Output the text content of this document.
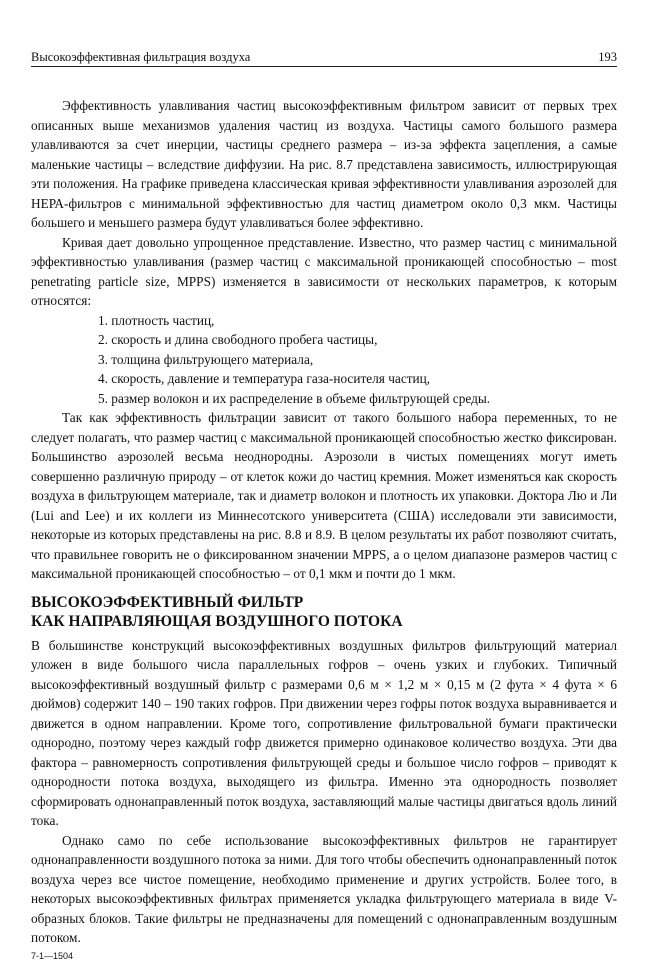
Высокоэффективная фильтрация воздуха	193

Эффективность улавливания частиц высокоэффективным фильтром зависит от первых трех описанных выше механизмов удаления частиц из воздуха. Частицы самого большого размера улавливаются за счет инерции, частицы среднего размера – из-за эффекта зацепления, а самые маленькие частицы – вследствие диффузии. На рис. 8.7 представлена зависимость, иллюстрирующая эти положения. На графике приведена классическая кривая эффективности улавливания аэрозолей для НЕРА-фильтров с минимальной эффективностью для частиц диаметром около 0,3 мкм. Частицы большего и меньшего размера будут улавливаться более эффективно.

Кривая дает довольно упрощенное представление. Известно, что размер частиц с минимальной эффективностью улавливания (размер частиц с максимальной проникающей способностью – most penetrating particle size, MPPS) изменяется в зависимости от нескольких параметров, к которым относятся:

1. плотность частиц,
2. скорость и длина свободного пробега частицы,
3. толщина фильтрующего материала,
4. скорость, давление и температура газа-носителя частиц,
5. размер волокон и их распределение в объеме фильтрующей среды.

Так как эффективность фильтрации зависит от такого большого набора переменных, то не следует полагать, что размер частиц с максимальной проникающей способностью жестко фиксирован. Большинство аэрозолей весьма неоднородны. Аэрозоли в чистых помещениях могут иметь совершенно различную природу – от клеток кожи до частиц кремния. Может изменяться как скорость воздуха в фильтрующем материале, так и диаметр волокон и плотность их упаковки. Доктора Лю и Ли (Lui and Lee) и их коллеги из Миннесотского университета (США) исследовали эти зависимости, некоторые из которых представлены на рис. 8.8 и 8.9. В целом результаты их работ позволяют считать, что правильнее говорить не о фиксированном значении MPPS, а о целом диапазоне размеров частиц с максимальной проникающей способностью – от 0,1 мкм и почти до 1 мкм.

ВЫСОКОЭФФЕКТИВНЫЙ ФИЛЬТР
КАК НАПРАВЛЯЮЩАЯ ВОЗДУШНОГО ПОТОКА

В большинстве конструкций высокоэффективных воздушных фильтров фильтрующий материал уложен в виде большого числа параллельных гофров – очень узких и глубоких. Типичный высокоэффективный воздушный фильтр с размерами 0,6 м × 1,2 м × 0,15 м (2 фута × 4 фута × 6 дюймов) содержит 140 – 190 таких гофров. При движении через гофры поток воздуха выравнивается и движется в одном направлении. Кроме того, сопротивление фильтровальной бумаги практически однородно, поэтому через каждый гофр движется примерно одинаковое количество воздуха. Эти два фактора – равномерность сопротивления фильтрующей среды и большое число гофров – приводят к однородности потока воздуха, выходящего из фильтра. Именно эта однородность позволяет сформировать однонаправленный поток воздуха, заставляющий малые частицы двигаться вдоль линий тока.

Однако само по себе использование высокоэффективных фильтров не гарантирует однонаправленности воздушного потока за ними. Для того чтобы обеспечить однонаправленный поток воздуха через все чистое помещение, необходимо применение и других устройств. Более того, в некоторых высокоэффективных фильтрах применяется укладка фильтрующего материала в виде V-образных блоков. Такие фильтры не предназначены для помещений с однонаправленным воздушным потоком.

7-1—1504
